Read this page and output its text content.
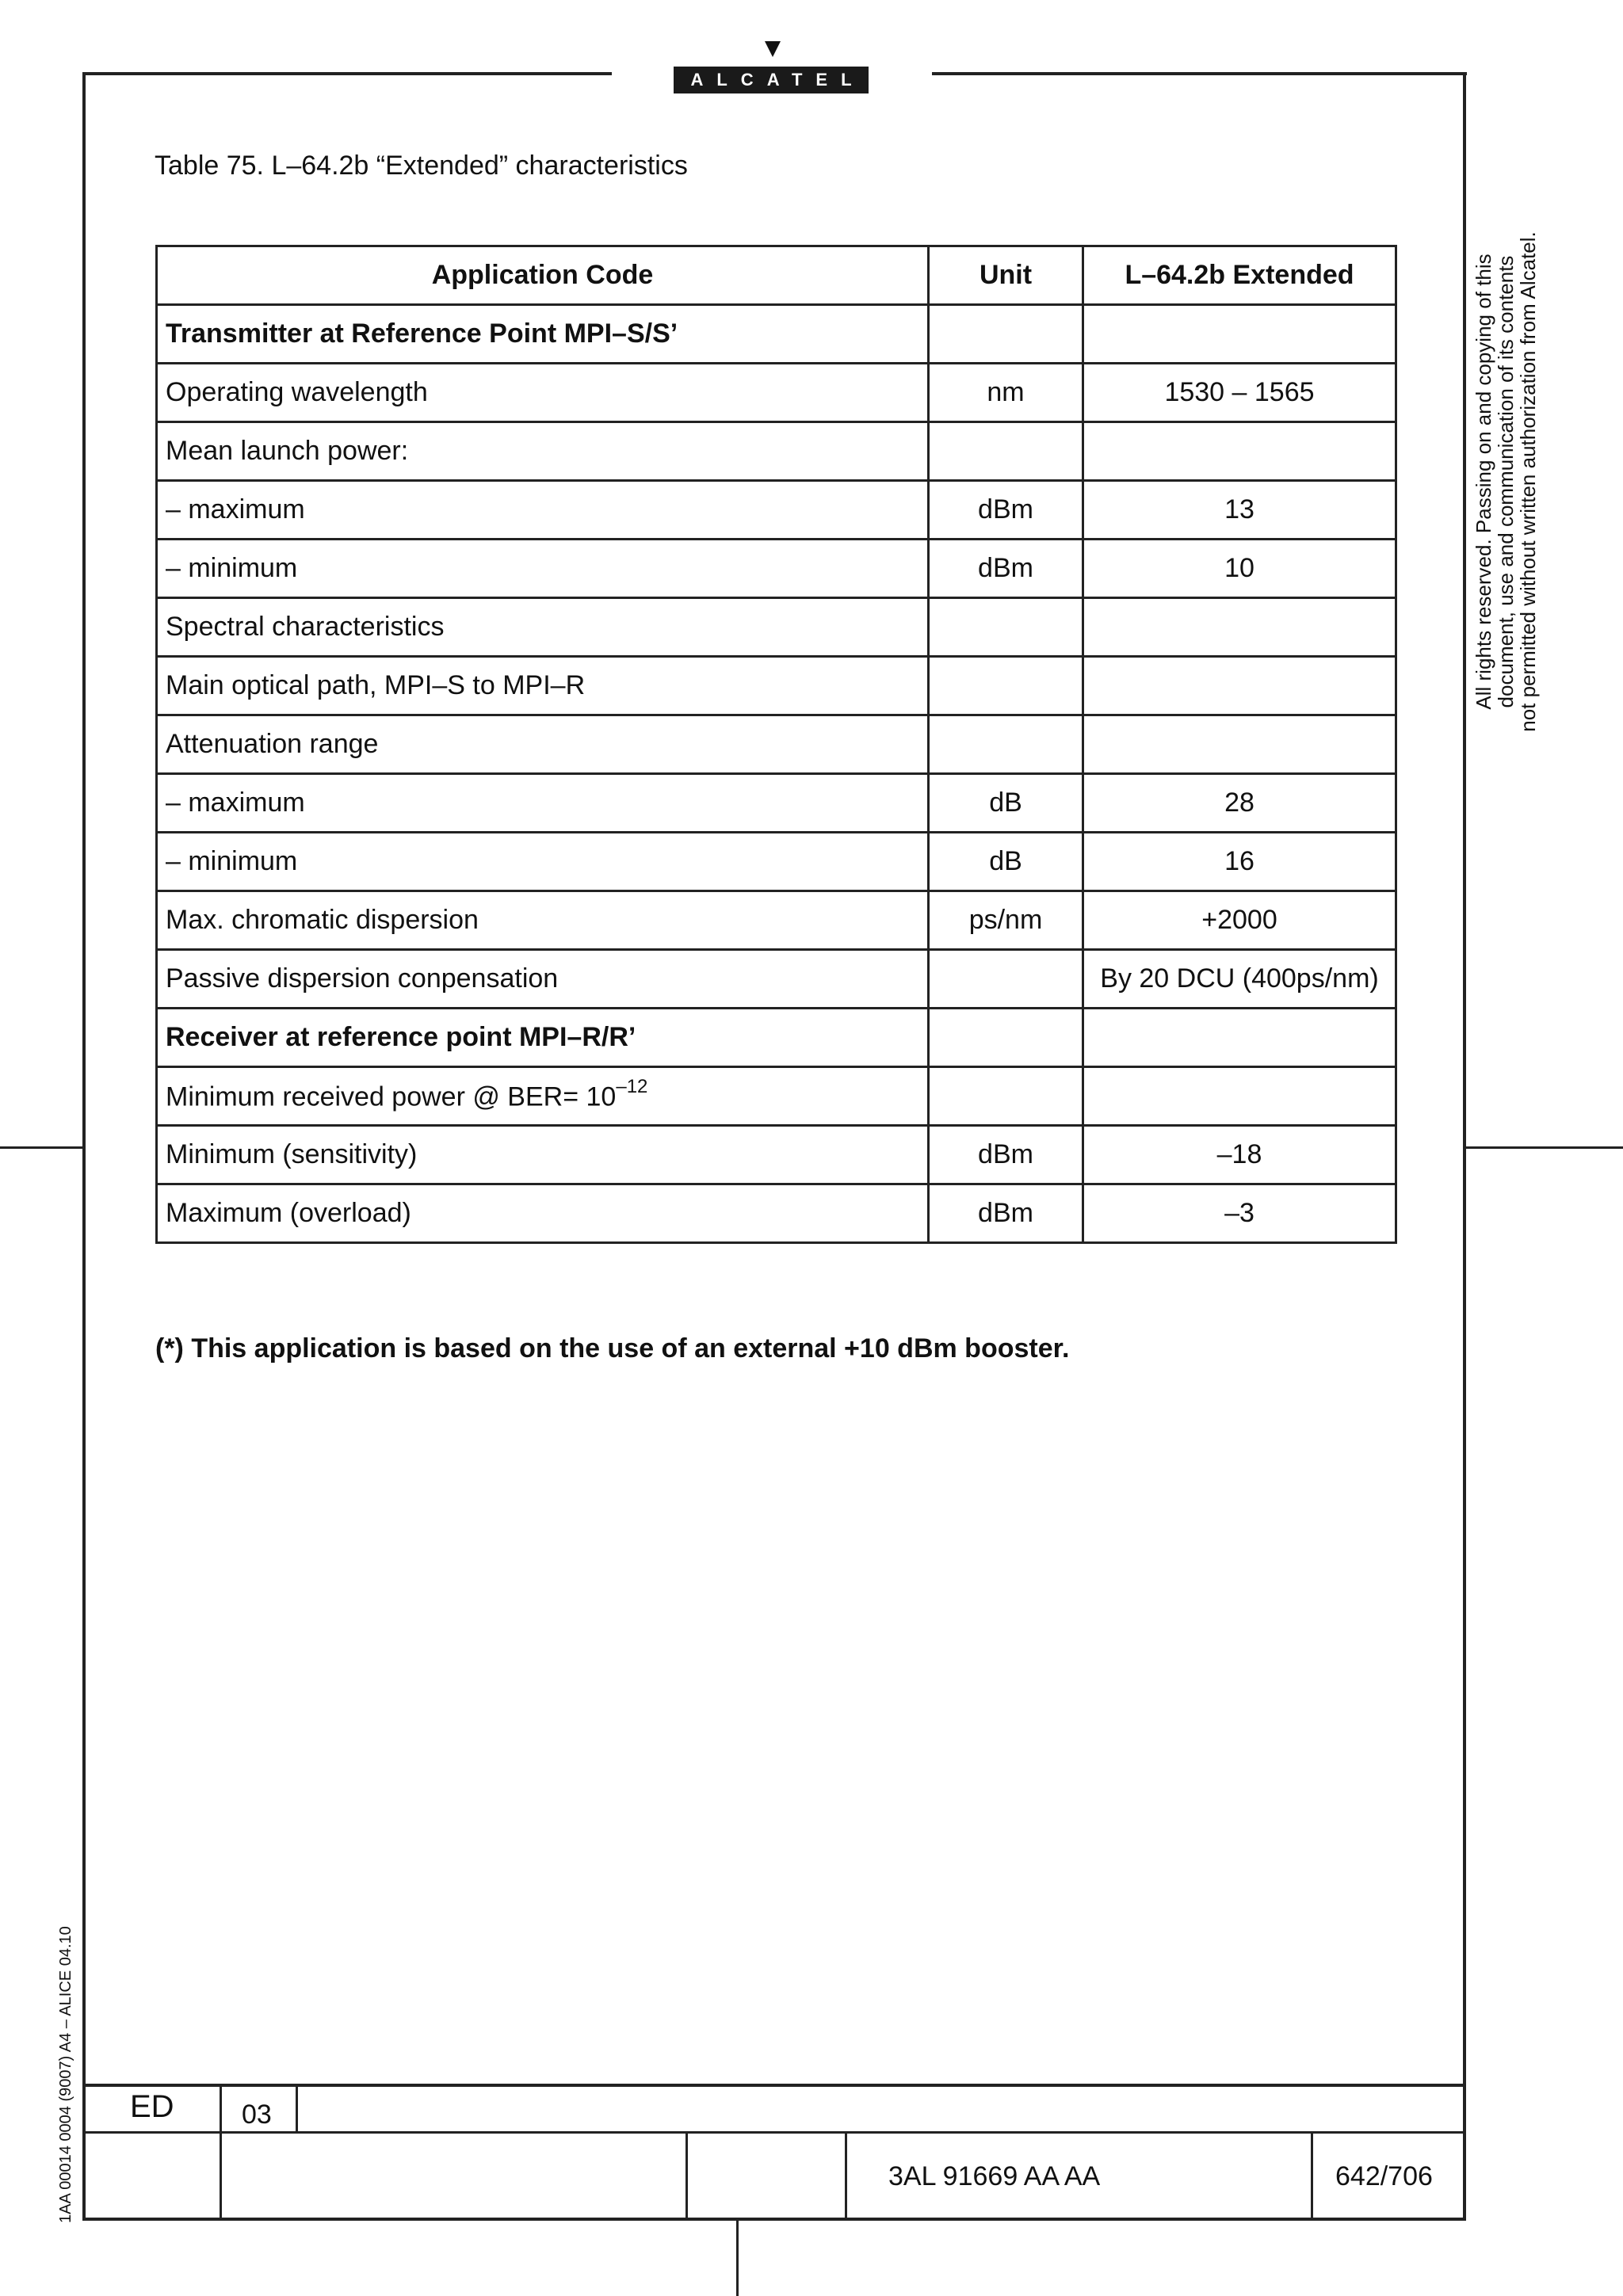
ALCATEL
Table 75. L–64.2b “Extended” characteristics
Application Code	Unit	L–64.2b Extended
Transmitter at Reference Point MPI–S/S’		
Operating wavelength	nm	1530 – 1565
Mean launch power:		
– maximum	dBm	13
– minimum	dBm	10
Spectral characteristics		
Main optical path, MPI–S to MPI–R		
Attenuation range		
– maximum	dB	28
– minimum	dB	16
Max. chromatic dispersion	ps/nm	+2000
Passive dispersion conpensation		By 20 DCU (400ps/nm)
Receiver at reference point MPI–R/R’		
Minimum received power @ $BER= 10^{-12}$		
Minimum (sensitivity)	dBm	–18
Maximum (overload)	dBm	–3
(*) This application is based on the use of an external +10 dBm booster.
All rights reserved. Passing on and copying of this
document, use and communication of its contents
not permitted without written authorization from Alcatel.
1AA 00014 0004 (9007) A4 – ALICE 04.10 ED	03
3AL 91669 AA AA	642/706
